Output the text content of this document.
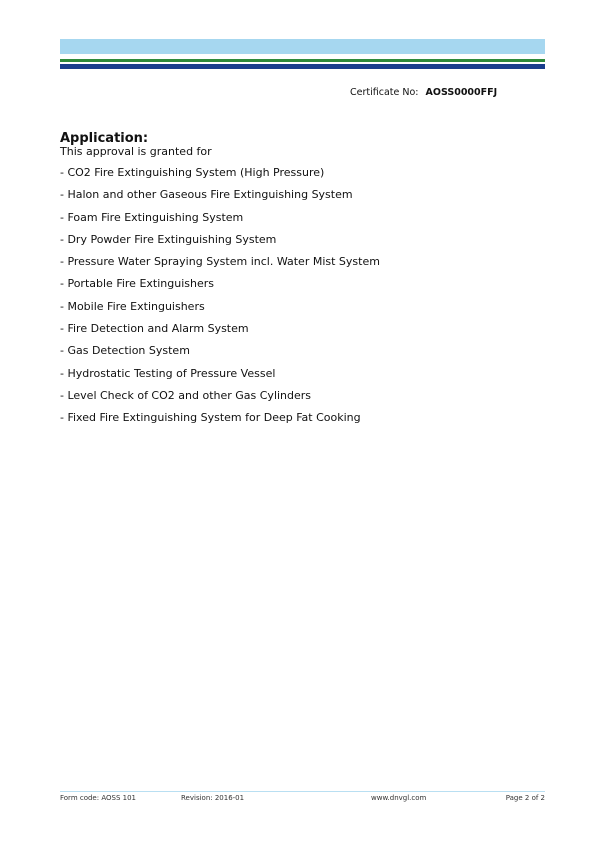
Certificate No: AOSS0000FFJ
Application:

This approval is granted for

- CO2 Fire Extinguishing System (High Pressure)
- Halon and other Gaseous Fire Extinguishing System
- Foam Fire Extinguishing System
- Dry Powder Fire Extinguishing System
- Pressure Water Spraying System incl. Water Mist System
- Portable Fire Extinguishers
- Mobile Fire Extinguishers
- Fire Detection and Alarm System
- Gas Detection System
- Hydrostatic Testing of Pressure Vessel
- Level Check of CO2 and other Gas Cylinders
- Fixed Fire Extinguishing System for Deep Fat Cooking
Form code: AOSS 101	Revision: 2016-01	www.dnvgl.com	Page 2 of 2
